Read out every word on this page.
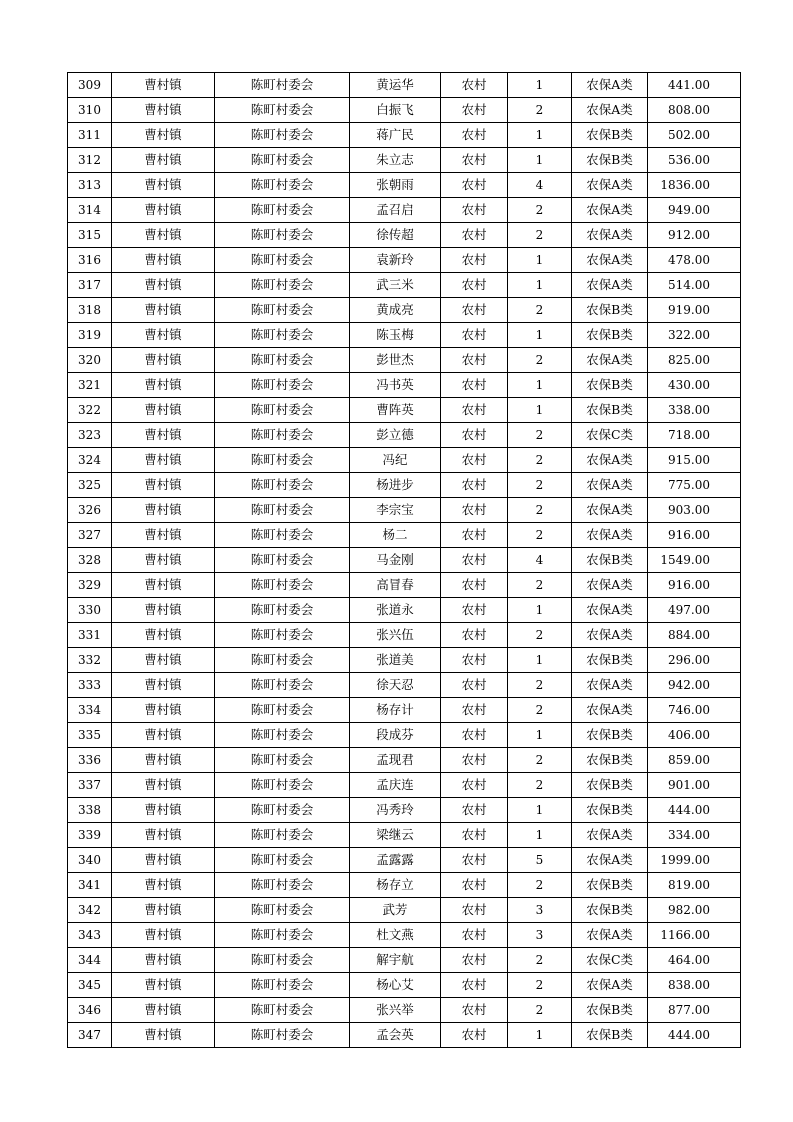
309	曹村镇	陈町村委会	黄运华	农村	1	农保A类	441.00
310	曹村镇	陈町村委会	白振飞	农村	2	农保A类	808.00
311	曹村镇	陈町村委会	蒋广民	农村	1	农保B类	502.00
312	曹村镇	陈町村委会	朱立志	农村	1	农保B类	536.00
313	曹村镇	陈町村委会	张朝雨	农村	4	农保A类	1836.00
314	曹村镇	陈町村委会	孟召启	农村	2	农保A类	949.00
315	曹村镇	陈町村委会	徐传超	农村	2	农保A类	912.00
316	曹村镇	陈町村委会	袁新玲	农村	1	农保A类	478.00
317	曹村镇	陈町村委会	武三米	农村	1	农保A类	514.00
318	曹村镇	陈町村委会	黄成亮	农村	2	农保B类	919.00
319	曹村镇	陈町村委会	陈玉梅	农村	1	农保B类	322.00
320	曹村镇	陈町村委会	彭世杰	农村	2	农保A类	825.00
321	曹村镇	陈町村委会	冯书英	农村	1	农保B类	430.00
322	曹村镇	陈町村委会	曹阵英	农村	1	农保B类	338.00
323	曹村镇	陈町村委会	彭立德	农村	2	农保C类	718.00
324	曹村镇	陈町村委会	冯纪	农村	2	农保A类	915.00
325	曹村镇	陈町村委会	杨进步	农村	2	农保A类	775.00
326	曹村镇	陈町村委会	李宗宝	农村	2	农保A类	903.00
327	曹村镇	陈町村委会	杨二	农村	2	农保A类	916.00
328	曹村镇	陈町村委会	马金刚	农村	4	农保B类	1549.00
329	曹村镇	陈町村委会	高冒春	农村	2	农保A类	916.00
330	曹村镇	陈町村委会	张道永	农村	1	农保A类	497.00
331	曹村镇	陈町村委会	张兴伍	农村	2	农保A类	884.00
332	曹村镇	陈町村委会	张道美	农村	1	农保B类	296.00
333	曹村镇	陈町村委会	徐天忍	农村	2	农保A类	942.00
334	曹村镇	陈町村委会	杨存计	农村	2	农保A类	746.00
335	曹村镇	陈町村委会	段成芬	农村	1	农保B类	406.00
336	曹村镇	陈町村委会	孟现君	农村	2	农保B类	859.00
337	曹村镇	陈町村委会	孟庆连	农村	2	农保B类	901.00
338	曹村镇	陈町村委会	冯秀玲	农村	1	农保B类	444.00
339	曹村镇	陈町村委会	梁继云	农村	1	农保A类	334.00
340	曹村镇	陈町村委会	孟露露	农村	5	农保A类	1999.00
341	曹村镇	陈町村委会	杨存立	农村	2	农保B类	819.00
342	曹村镇	陈町村委会	武芳	农村	3	农保B类	982.00
343	曹村镇	陈町村委会	杜文燕	农村	3	农保A类	1166.00
344	曹村镇	陈町村委会	解宇航	农村	2	农保C类	464.00
345	曹村镇	陈町村委会	杨心艾	农村	2	农保A类	838.00
346	曹村镇	陈町村委会	张兴举	农村	2	农保B类	877.00
347	曹村镇	陈町村委会	孟会英	农村	1	农保B类	444.00
